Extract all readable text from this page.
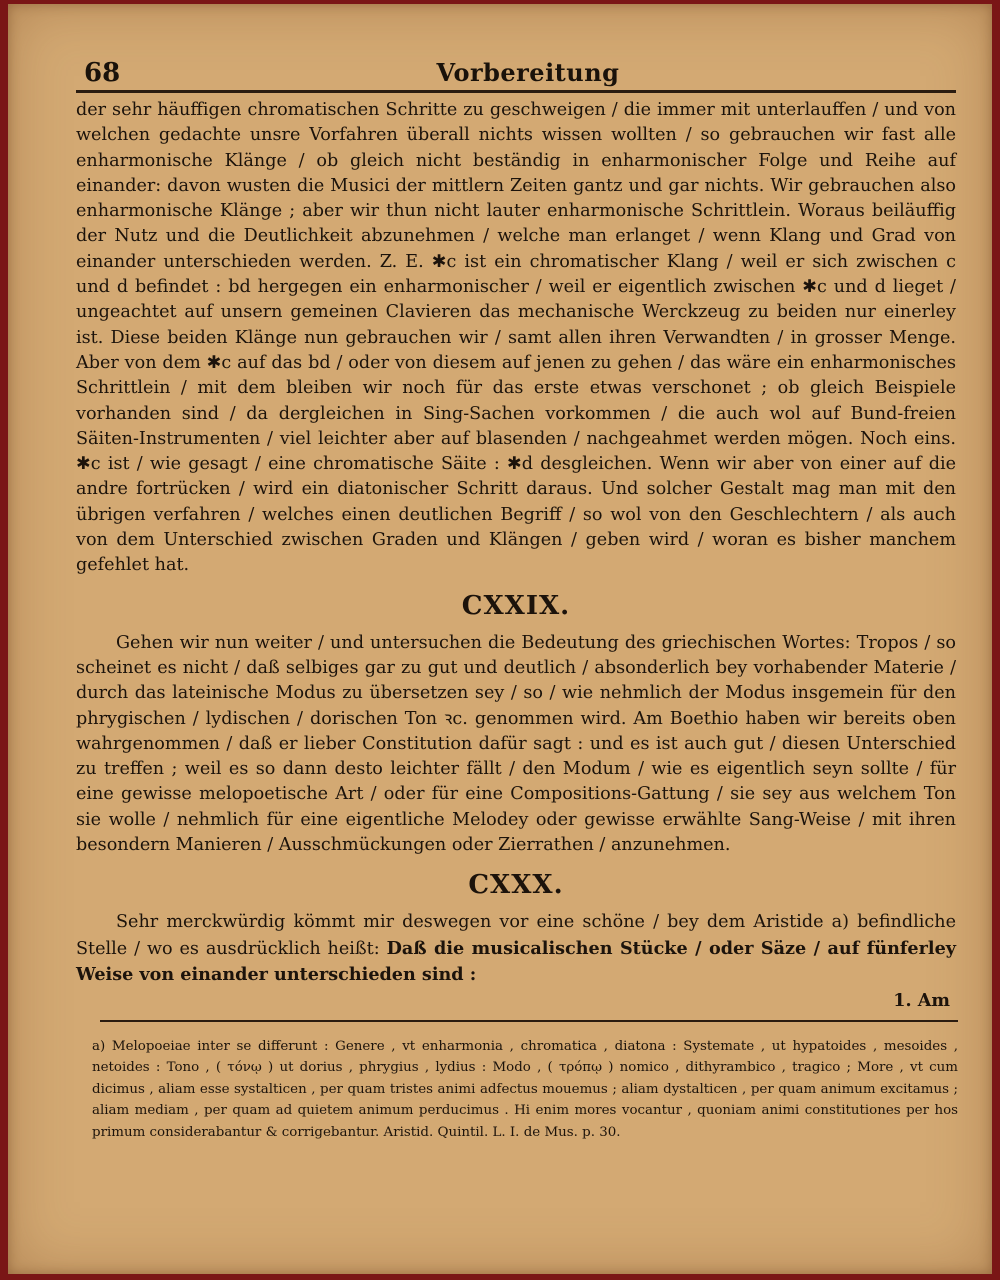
68	Vorbereitung

der sehr häuffigen chromatischen Schritte zu geschweigen / die immer mit unterlauffen / und von welchen gedachte unsre Vorfahren überall nichts wissen wollten / so gebrauchen wir fast alle enharmonische Klänge / ob gleich nicht beständig in enharmonischer Folge und Reihe auf einander: davon wusten die Musici der mittlern Zeiten gantz und gar nichts. Wir gebrauchen also enharmonische Klänge ; aber wir thun nicht lauter enharmonische Schrittlein. Woraus beiläuffig der Nutz und die Deutlichkeit abzunehmen / welche man erlanget / wenn Klang und Grad von einander unterschieden werden. Z. E. ✱c ist ein chromatischer Klang / weil er sich zwischen c und d befindet : bd hergegen ein enharmonischer / weil er eigentlich zwischen ✱c und d lieget / ungeachtet auf unsern gemeinen Clavieren das mechanische Werckzeug zu beiden nur einerley ist. Diese beiden Klänge nun gebrauchen wir / samt allen ihren Verwandten / in grosser Menge. Aber von dem ✱c auf das bd / oder von diesem auf jenen zu gehen / das wäre ein enharmonisches Schrittlein / mit dem bleiben wir noch für das erste etwas verschonet ; ob gleich Beispiele vorhanden sind / da dergleichen in Sing-Sachen vorkommen / die auch wol auf Bund-freien Säiten-Instrumenten / viel leichter aber auf blasenden / nachgeahmet werden mögen. Noch eins. ✱c ist / wie gesagt / eine chromatische Säite : ✱d desgleichen. Wenn wir aber von einer auf die andre fortrücken / wird ein diatonischer Schritt daraus. Und solcher Gestalt mag man mit den übrigen verfahren / welches einen deutlichen Begriff / so wol von den Geschlechtern / als auch von dem Unterschied zwischen Graden und Klängen / geben wird / woran es bisher manchem gefehlet hat.

CXXIX.

Gehen wir nun weiter / und untersuchen die Bedeutung des griechischen Wortes: Tropos / so scheinet es nicht / daß selbiges gar zu gut und deutlich / absonderlich bey vorhabender Materie / durch das lateinische Modus zu übersetzen sey / so / wie nehmlich der Modus insgemein für den phrygischen / lydischen / dorischen Ton ꝛc. genommen wird. Am Boethio haben wir bereits oben wahrgenommen / daß er lieber Constitution dafür sagt : und es ist auch gut / diesen Unterschied zu treffen ; weil es so dann desto leichter fällt / den Modum / wie es eigentlich seyn sollte / für eine gewisse melopoetische Art / oder für eine Compositions-Gattung / sie sey aus welchem Ton sie wolle / nehmlich für eine eigentliche Melodey oder gewisse erwählte Sang-Weise / mit ihren besondern Manieren / Ausschmückungen oder Zierrathen / anzunehmen.

CXXX.

Sehr merckwürdig kömmt mir deswegen vor eine schöne / bey dem Aristide a) befindliche Stelle / wo es ausdrücklich heißt: Daß die musicalischen Stücke / oder Säze / auf fünferley Weise von einander unterschieden sind :

1. Am

a) Melopoeiae inter se differunt : Genere , vt enharmonia , chromatica , diatona : Systemate , ut hypatoides , mesoides , netoides : Tono , ( τόνῳ ) ut dorius , phrygius , lydius : Modo , ( τρόπῳ ) nomico , dithyrambico , tragico ; More , vt cum dicimus , aliam esse systalticen , per quam tristes animi adfectus mouemus ; aliam dystalticen , per quam animum excitamus ; aliam mediam , per quam ad quietem animum perducimus . Hi enim mores vocantur , quoniam animi constitutiones per hos primum considerabantur & corrigebantur. Aristid. Quintil. L. I. de Mus. p. 30.
